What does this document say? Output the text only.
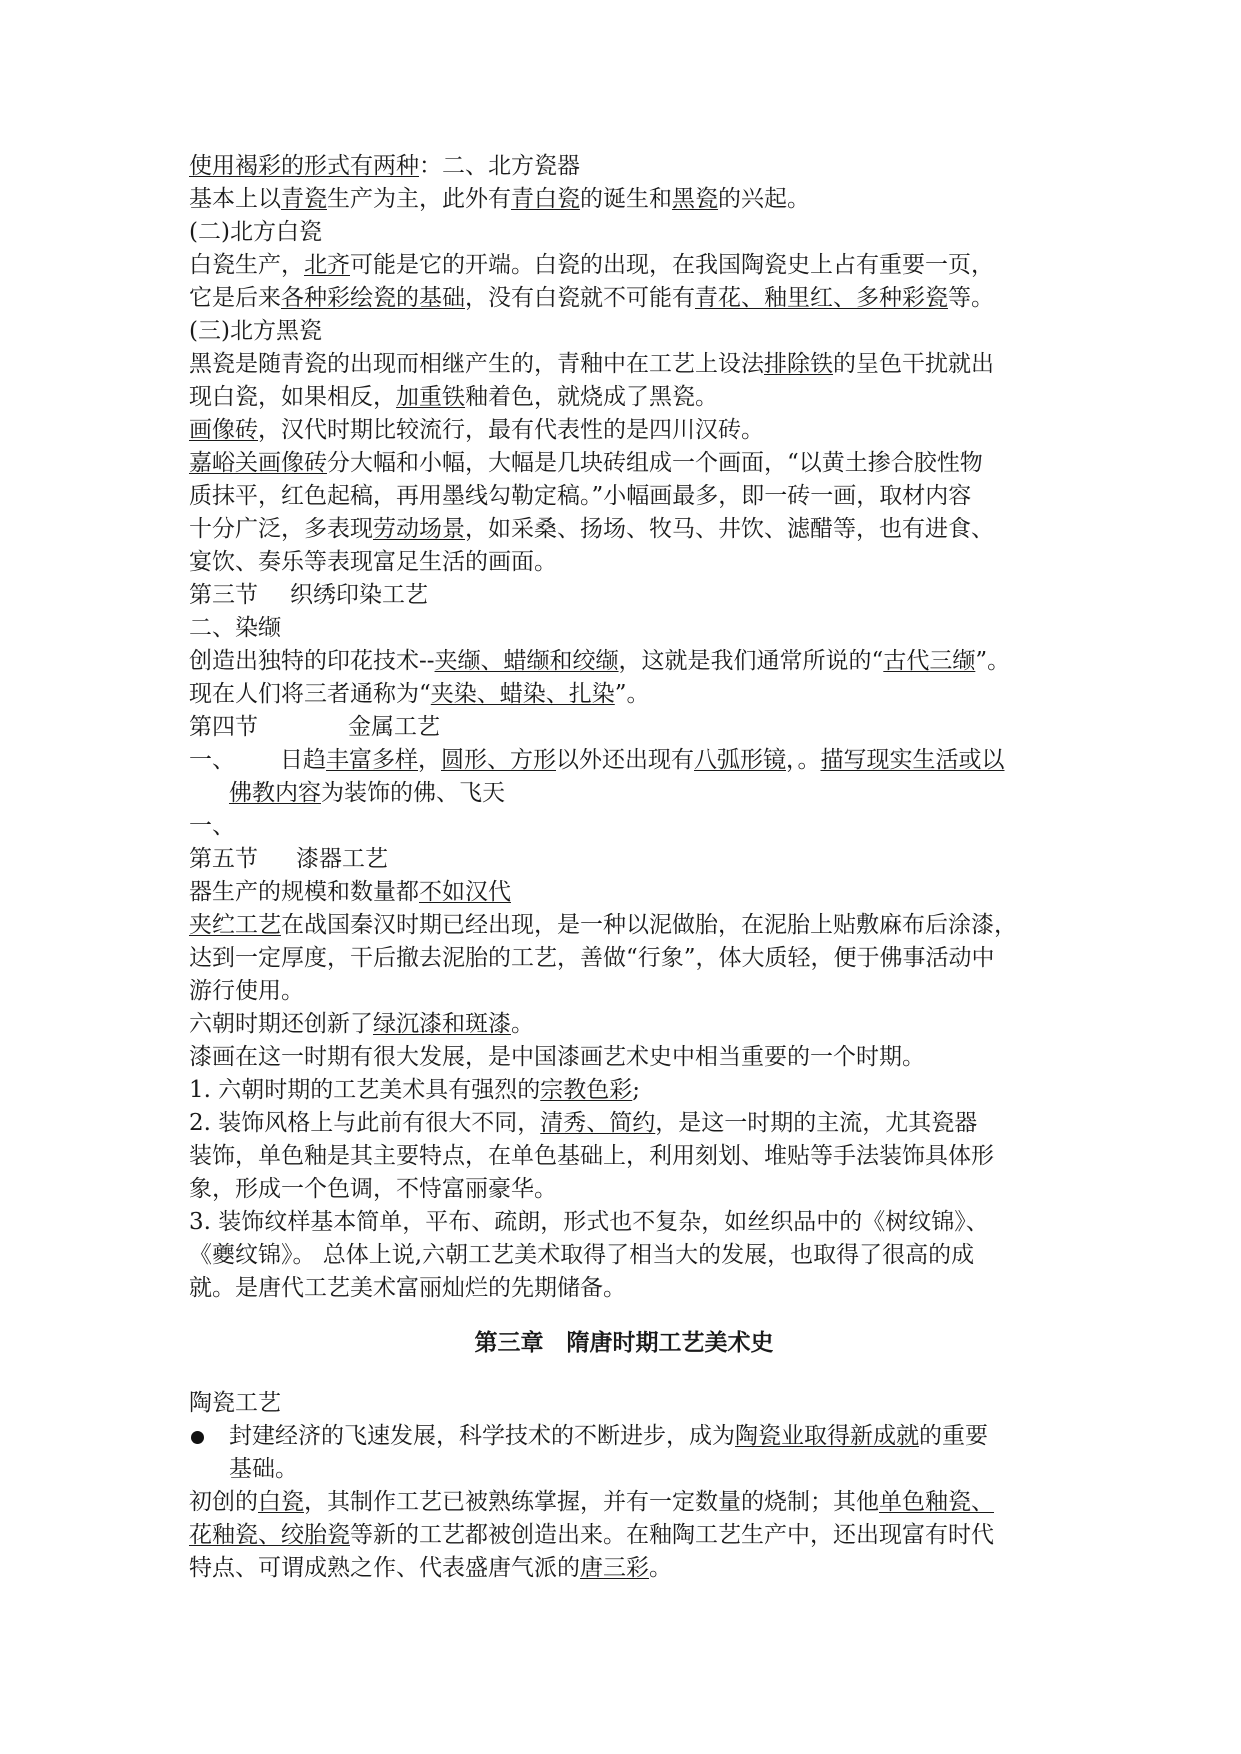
使用褐彩的形式有两种：二、北方瓷器
基本上以青瓷生产为主，此外有青白瓷的诞生和黑瓷的兴起。
(二)北方白瓷
白瓷生产，北齐可能是它的开端。白瓷的出现，在我国陶瓷史上占有重要一页，
它是后来各种彩绘瓷的基础，没有白瓷就不可能有青花、釉里红、多种彩瓷等。
(三)北方黑瓷
黑瓷是随青瓷的出现而相继产生的，青釉中在工艺上设法排除铁的呈色干扰就出
现白瓷，如果相反，加重铁釉着色，就烧成了黑瓷。
画像砖，汉代时期比较流行，最有代表性的是四川汉砖。
嘉峪关画像砖分大幅和小幅，大幅是几块砖组成一个画面，“以黄土掺合胶性物
质抹平，红色起稿，再用墨线勾勒定稿。”小幅画最多，即一砖一画，取材内容
十分广泛，多表现劳动场景，如采桑、扬场、牧马、井饮、滤醋等，也有进食、
宴饮、奏乐等表现富足生活的画面。
第三节 织绣印染工艺
二、染缬
创造出独特的印花技术--夹缬、蜡缬和绞缬，这就是我们通常所说的“古代三缬”。
现在人们将三者通称为“夹染、蜡染、扎染”。
第四节	金属工艺
一、 日趋丰富多样，圆形、方形以外还出现有八弧形镜，。描写现实生活或以
佛教内容为装饰的佛、飞天
一、
第五节 漆器工艺
器生产的规模和数量都不如汉代
夹纻工艺在战国秦汉时期已经出现，是一种以泥做胎，在泥胎上贴敷麻布后涂漆，
达到一定厚度，干后撤去泥胎的工艺，善做“行象”，体大质轻，便于佛事活动中
游行使用。
六朝时期还创新了绿沉漆和斑漆。
漆画在这一时期有很大发展，是中国漆画艺术史中相当重要的一个时期。
1. 六朝时期的工艺美术具有强烈的宗教色彩;
2. 装饰风格上与此前有很大不同，清秀、简约，是这一时期的主流，尤其瓷器
装饰，单色釉是其主要特点，在单色基础上，利用刻划、堆贴等手法装饰具体形
象，形成一个色调，不恃富丽豪华。
3. 装饰纹样基本简单，平布、疏朗，形式也不复杂，如丝织品中的《树纹锦》、
《夔纹锦》。 总体上说,六朝工艺美术取得了相当大的发展，也取得了很高的成
就。是唐代工艺美术富丽灿烂的先期储备。
第三章　隋唐时期工艺美术史
陶瓷工艺
封建经济的飞速发展，科学技术的不断进步，成为陶瓷业取得新成就的重要
基础。
初创的白瓷，其制作工艺已被熟练掌握，并有一定数量的烧制；其他单色釉瓷、
花釉瓷、绞胎瓷等新的工艺都被创造出来。在釉陶工艺生产中，还出现富有时代
特点、可谓成熟之作、代表盛唐气派的唐三彩。
